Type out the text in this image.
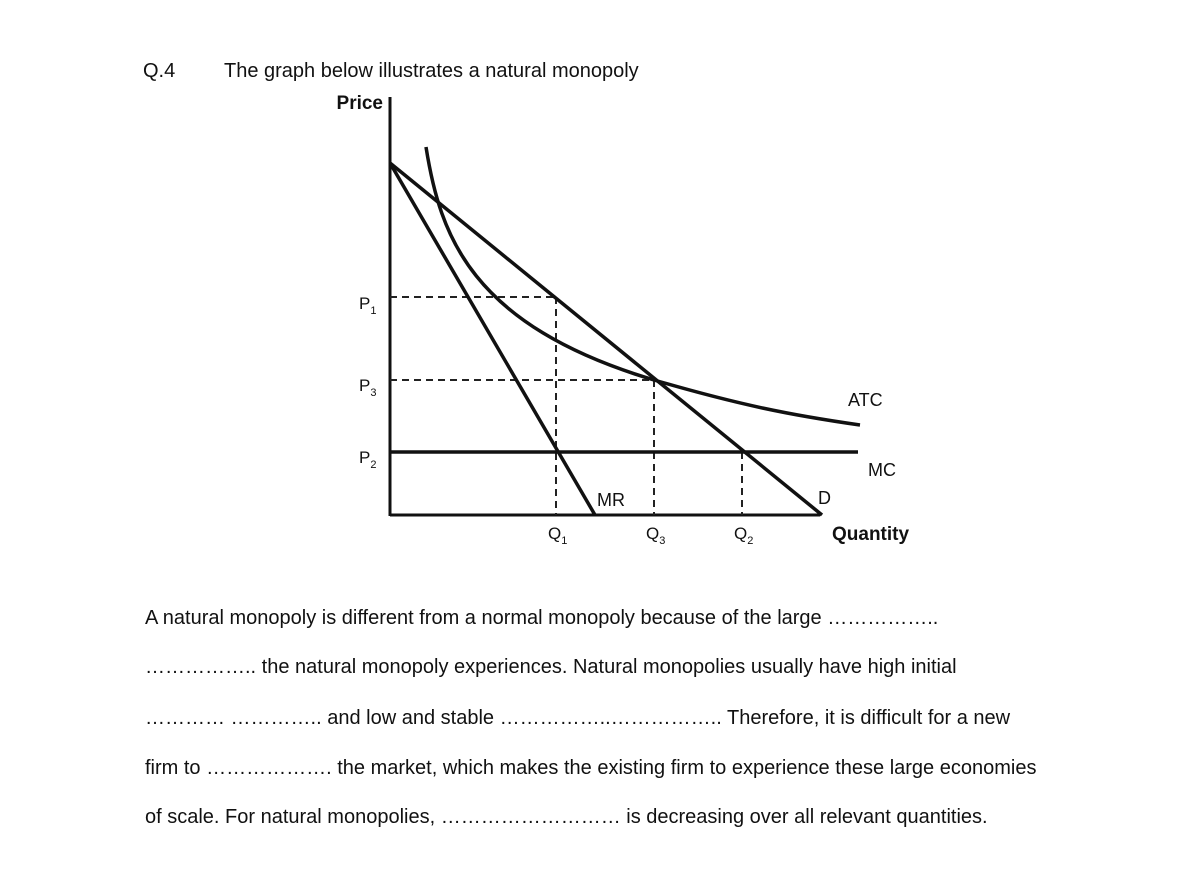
Q.4 The graph below illustrates a natural monopoly
Price
Quantity
$P_1$
$P_3$
$P_2$
$Q_1$	$Q_3$	$Q_2$
ATC
MC
MR	D
A natural monopoly is different from a normal monopoly because of the large ……………..
…………….. the natural monopoly experiences. Natural monopolies usually have high initial
………… ………….. and low and stable ……………..…………….. Therefore, it is difficult for a new
firm to ………………. the market, which makes the existing firm to experience these large economies
of scale. For natural monopolies, ……………………… is decreasing over all relevant quantities.
